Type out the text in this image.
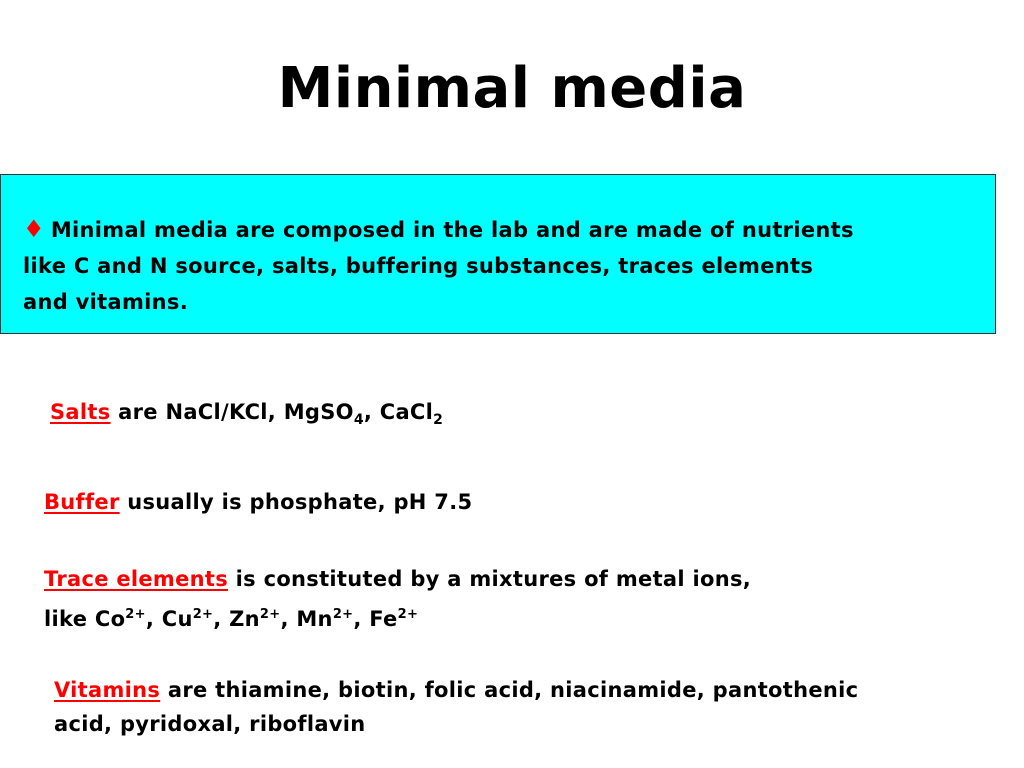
Minimal media
♦ Minimal media are composed in the lab and are made of nutrients
like C and N source, salts, buffering substances, traces elements
and vitamins.
Salts are NaCl/KCl, MgSO$_4$, CaCl$_2$
Buffer usually is phosphate, pH 7.5
Trace elements is constituted by a mixtures of metal ions,
like $Co^{2+}$, $Cu^{2+}$, $Zn^{2+}$, $Mn^{2+}$, $Fe^{2+}$
Vitamins are thiamine, biotin, folic acid, niacinamide, pantothenic
acid, pyridoxal, riboflavin
